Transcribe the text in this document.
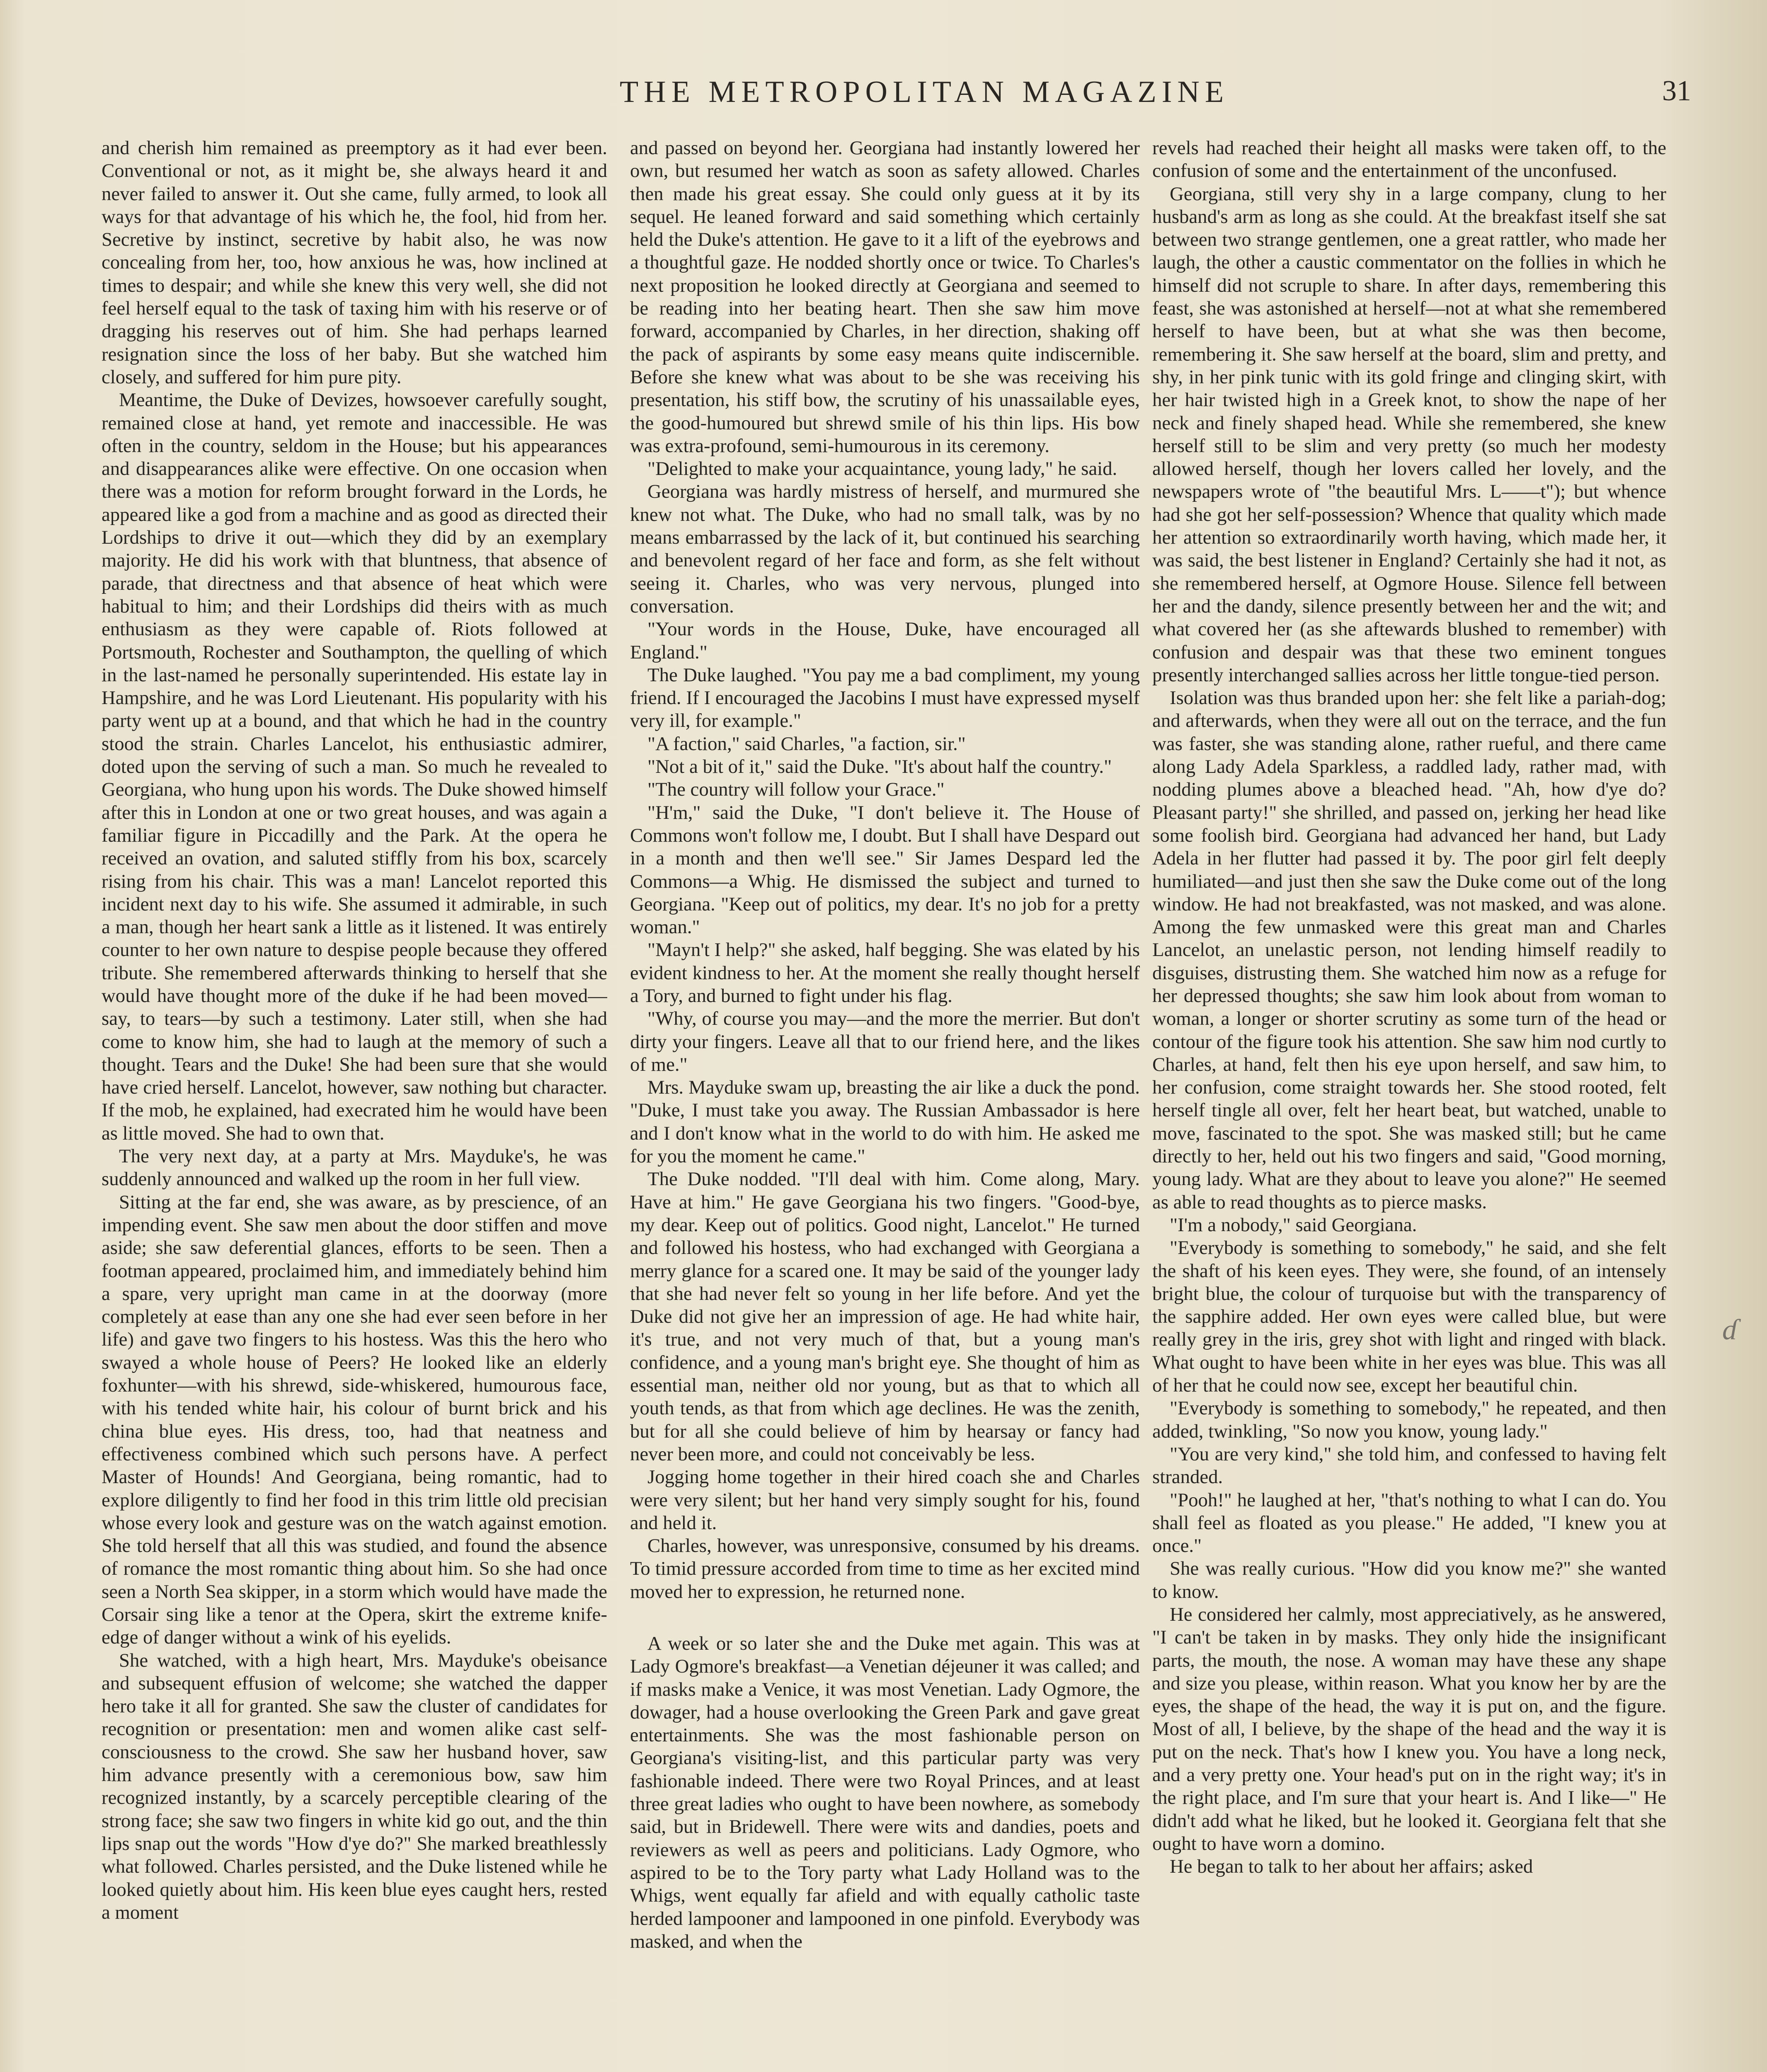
THE METROPOLITAN MAGAZINE	31

and cherish him remained as preemptory as it had ever been. Conventional or not, as it might be, she always heard it and never failed to answer it. Out she came, fully armed, to look all ways for that advantage of his which he, the fool, hid from her. Secretive by instinct, secretive by habit also, he was now concealing from her, too, how anxious he was, how inclined at times to despair; and while she knew this very well, she did not feel herself equal to the task of taxing him with his reserve or of dragging his reserves out of him. She had perhaps learned resignation since the loss of her baby. But she watched him closely, and suffered for him pure pity.

Meantime, the Duke of Devizes, howsoever carefully sought, remained close at hand, yet remote and inaccessible. He was often in the country, seldom in the House; but his appearances and disappearances alike were effective. On one occasion when there was a motion for reform brought forward in the Lords, he appeared like a god from a machine and as good as directed their Lordships to drive it out—which they did by an exemplary majority. He did his work with that bluntness, that absence of parade, that directness and that absence of heat which were habitual to him; and their Lordships did theirs with as much enthusiasm as they were capable of. Riots followed at Portsmouth, Rochester and Southampton, the quelling of which in the last-named he personally superintended. His estate lay in Hampshire, and he was Lord Lieutenant. His popularity with his party went up at a bound, and that which he had in the country stood the strain. Charles Lancelot, his enthusiastic admirer, doted upon the serving of such a man. So much he revealed to Georgiana, who hung upon his words. The Duke showed himself after this in London at one or two great houses, and was again a familiar figure in Piccadilly and the Park. At the opera he received an ovation, and saluted stiffly from his box, scarcely rising from his chair. This was a man! Lancelot reported this incident next day to his wife. She assumed it admirable, in such a man, though her heart sank a little as it listened. It was entirely counter to her own nature to despise people because they offered tribute. She remembered afterwards thinking to herself that she would have thought more of the duke if he had been moved—say, to tears—by such a testimony. Later still, when she had come to know him, she had to laugh at the memory of such a thought. Tears and the Duke! She had been sure that she would have cried herself. Lancelot, however, saw nothing but character. If the mob, he explained, had execrated him he would have been as little moved. She had to own that.

The very next day, at a party at Mrs. Mayduke's, he was suddenly announced and walked up the room in her full view.

Sitting at the far end, she was aware, as by prescience, of an impending event. She saw men about the door stiffen and move aside; she saw deferential glances, efforts to be seen. Then a footman appeared, proclaimed him, and immediately behind him a spare, very upright man came in at the doorway (more completely at ease than any one she had ever seen before in her life) and gave two fingers to his hostess. Was this the hero who swayed a whole house of Peers? He looked like an elderly foxhunter—with his shrewd, side-whiskered, humourous face, with his tended white hair, his colour of burnt brick and his china blue eyes. His dress, too, had that neatness and effectiveness combined which such persons have. A perfect Master of Hounds! And Georgiana, being romantic, had to explore diligently to find her food in this trim little old precisian whose every look and gesture was on the watch against emotion. She told herself that all this was studied, and found the absence of romance the most romantic thing about him. So she had once seen a North Sea skipper, in a storm which would have made the Corsair sing like a tenor at the Opera, skirt the extreme knife-edge of danger without a wink of his eyelids.

She watched, with a high heart, Mrs. Mayduke's obeisance and subsequent effusion of welcome; she watched the dapper hero take it all for granted. She saw the cluster of candidates for recognition or presentation: men and women alike cast self-consciousness to the crowd. She saw her husband hover, saw him advance presently with a ceremonious bow, saw him recognized instantly, by a scarcely perceptible clearing of the strong face; she saw two fingers in white kid go out, and the thin lips snap out the words "How d'ye do?" She marked breathlessly what followed. Charles persisted, and the Duke listened while he looked quietly about him. His keen blue eyes caught hers, rested a moment

and passed on beyond her. Georgiana had instantly lowered her own, but resumed her watch as soon as safety allowed. Charles then made his great essay. She could only guess at it by its sequel. He leaned forward and said something which certainly held the Duke's attention. He gave to it a lift of the eyebrows and a thoughtful gaze. He nodded shortly once or twice. To Charles's next proposition he looked directly at Georgiana and seemed to be reading into her beating heart. Then she saw him move forward, accompanied by Charles, in her direction, shaking off the pack of aspirants by some easy means quite indiscernible. Before she knew what was about to be she was receiving his presentation, his stiff bow, the scrutiny of his unassailable eyes, the good-humoured but shrewd smile of his thin lips. His bow was extra-profound, semi-humourous in its ceremony.

"Delighted to make your acquaintance, young lady," he said.

Georgiana was hardly mistress of herself, and murmured she knew not what. The Duke, who had no small talk, was by no means embarrassed by the lack of it, but continued his searching and benevolent regard of her face and form, as she felt without seeing it. Charles, who was very nervous, plunged into conversation.

"Your words in the House, Duke, have encouraged all England."

The Duke laughed. "You pay me a bad compliment, my young friend. If I encouraged the Jacobins I must have expressed myself very ill, for example."

"A faction," said Charles, "a faction, sir."

"Not a bit of it," said the Duke. "It's about half the country."

"The country will follow your Grace."

"H'm," said the Duke, "I don't believe it. The House of Commons won't follow me, I doubt. But I shall have Despard out in a month and then we'll see." Sir James Despard led the Commons—a Whig. He dismissed the subject and turned to Georgiana. "Keep out of politics, my dear. It's no job for a pretty woman."

"Mayn't I help?" she asked, half begging. She was elated by his evident kindness to her. At the moment she really thought herself a Tory, and burned to fight under his flag.

"Why, of course you may—and the more the merrier. But don't dirty your fingers. Leave all that to our friend here, and the likes of me."

Mrs. Mayduke swam up, breasting the air like a duck the pond. "Duke, I must take you away. The Russian Ambassador is here and I don't know what in the world to do with him. He asked me for you the moment he came."

The Duke nodded. "I'll deal with him. Come along, Mary. Have at him." He gave Georgiana his two fingers. "Good-bye, my dear. Keep out of politics. Good night, Lancelot." He turned and followed his hostess, who had exchanged with Georgiana a merry glance for a scared one. It may be said of the younger lady that she had never felt so young in her life before. And yet the Duke did not give her an impression of age. He had white hair, it's true, and not very much of that, but a young man's confidence, and a young man's bright eye. She thought of him as essential man, neither old nor young, but as that to which all youth tends, as that from which age declines. He was the zenith, but for all she could believe of him by hearsay or fancy had never been more, and could not conceivably be less.

Jogging home together in their hired coach she and Charles were very silent; but her hand very simply sought for his, found and held it.

Charles, however, was unresponsive, consumed by his dreams. To timid pressure accorded from time to time as her excited mind moved her to expression, he returned none.

A week or so later she and the Duke met again. This was at Lady Ogmore's breakfast—a Venetian déjeuner it was called; and if masks make a Venice, it was most Venetian. Lady Ogmore, the dowager, had a house overlooking the Green Park and gave great entertainments. She was the most fashionable person on Georgiana's visiting-list, and this particular party was very fashionable indeed. There were two Royal Princes, and at least three great ladies who ought to have been nowhere, as somebody said, but in Bridewell. There were wits and dandies, poets and reviewers as well as peers and politicians. Lady Ogmore, who aspired to be to the Tory party what Lady Holland was to the Whigs, went equally far afield and with equally catholic taste herded lampooner and lampooned in one pinfold. Everybody was masked, and when the

revels had reached their height all masks were taken off, to the confusion of some and the entertainment of the unconfused.

Georgiana, still very shy in a large company, clung to her husband's arm as long as she could. At the breakfast itself she sat between two strange gentlemen, one a great rattler, who made her laugh, the other a caustic commentator on the follies in which he himself did not scruple to share. In after days, remembering this feast, she was astonished at herself—not at what she remembered herself to have been, but at what she was then become, remembering it. She saw herself at the board, slim and pretty, and shy, in her pink tunic with its gold fringe and clinging skirt, with her hair twisted high in a Greek knot, to show the nape of her neck and finely shaped head. While she remembered, she knew herself still to be slim and very pretty (so much her modesty allowed herself, though her lovers called her lovely, and the newspapers wrote of "the beautiful Mrs. L——t"); but whence had she got her self-possession? Whence that quality which made her attention so extraordinarily worth having, which made her, it was said, the best listener in England? Certainly she had it not, as she remembered herself, at Ogmore House. Silence fell between her and the dandy, silence presently between her and the wit; and what covered her (as she aftewards blushed to remember) with confusion and despair was that these two eminent tongues presently interchanged sallies across her little tongue-tied person.

Isolation was thus branded upon her: she felt like a pariah-dog; and afterwards, when they were all out on the terrace, and the fun was faster, she was standing alone, rather rueful, and there came along Lady Adela Sparkless, a raddled lady, rather mad, with nodding plumes above a bleached head. "Ah, how d'ye do? Pleasant party!" she shrilled, and passed on, jerking her head like some foolish bird. Georgiana had advanced her hand, but Lady Adela in her flutter had passed it by. The poor girl felt deeply humiliated—and just then she saw the Duke come out of the long window. He had not breakfasted, was not masked, and was alone. Among the few unmasked were this great man and Charles Lancelot, an unelastic person, not lending himself readily to disguises, distrusting them. She watched him now as a refuge for her depressed thoughts; she saw him look about from woman to woman, a longer or shorter scrutiny as some turn of the head or contour of the figure took his attention. She saw him nod curtly to Charles, at hand, felt then his eye upon herself, and saw him, to her confusion, come straight towards her. She stood rooted, felt herself tingle all over, felt her heart beat, but watched, unable to move, fascinated to the spot. She was masked still; but he came directly to her, held out his two fingers and said, "Good morning, young lady. What are they about to leave you alone?" He seemed as able to read thoughts as to pierce masks.

"I'm a nobody," said Georgiana.

"Everybody is something to somebody," he said, and she felt the shaft of his keen eyes. They were, she found, of an intensely bright blue, the colour of turquoise but with the transparency of the sapphire added. Her own eyes were called blue, but were really grey in the iris, grey shot with light and ringed with black. What ought to have been white in her eyes was blue. This was all of her that he could now see, except her beautiful chin.

"Everybody is something to somebody," he repeated, and then added, twinkling, "So now you know, young lady."

"You are very kind," she told him, and confessed to having felt stranded.

"Pooh!" he laughed at her, "that's nothing to what I can do. You shall feel as floated as you please." He added, "I knew you at once."

She was really curious. "How did you know me?" she wanted to know.

He considered her calmly, most appreciatively, as he answered, "I can't be taken in by masks. They only hide the insignificant parts, the mouth, the nose. A woman may have these any shape and size you please, within reason. What you know her by are the eyes, the shape of the head, the way it is put on, and the figure. Most of all, I believe, by the shape of the head and the way it is put on the neck. That's how I knew you. You have a long neck, and a very pretty one. Your head's put on in the right way; it's in the right place, and I'm sure that your heart is. And I like—" He didn't add what he liked, but he looked it. Georgiana felt that she ought to have worn a domino.

He began to talk to her about her affairs; asked

ɗ
